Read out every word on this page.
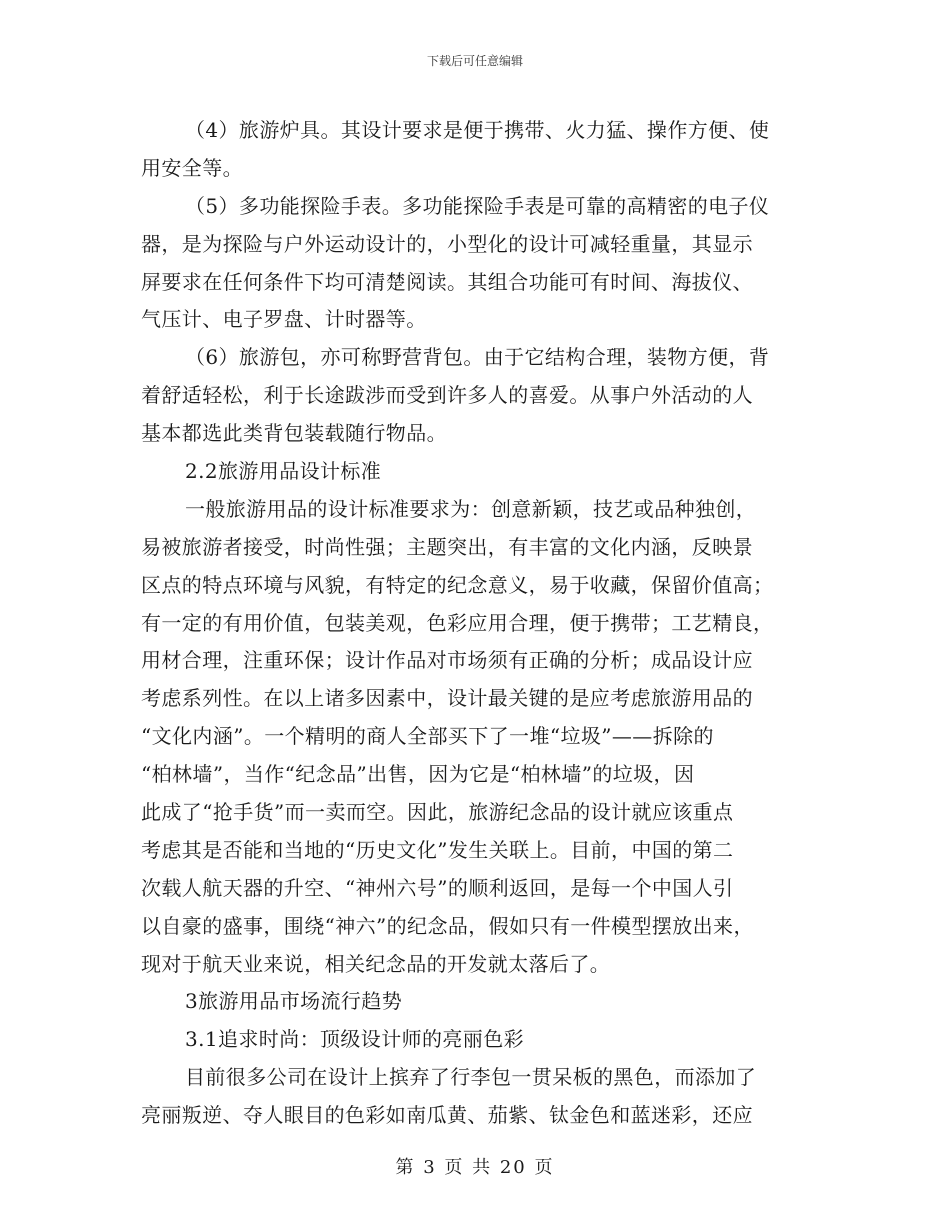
下载后可任意编辑
（4）旅游炉具。其设计要求是便于携带、火力猛、操作方便、使
用安全等。
（5）多功能探险手表。多功能探险手表是可靠的高精密的电子仪
器，是为探险与户外运动设计的，小型化的设计可减轻重量，其显示
屏要求在任何条件下均可清楚阅读。其组合功能可有时间、海拔仪、
气压计、电子罗盘、计时器等。
（6）旅游包，亦可称野营背包。由于它结构合理，装物方便，背
着舒适轻松，利于长途跋涉而受到许多人的喜爱。从事户外活动的人
基本都选此类背包装载随行物品。
2.2旅游用品设计标准
一般旅游用品的设计标准要求为：创意新颖，技艺或品种独创，
易被旅游者接受，时尚性强；主题突出，有丰富的文化内涵，反映景
区点的特点环境与风貌，有特定的纪念意义，易于收藏，保留价值高；
有一定的有用价值，包装美观，色彩应用合理，便于携带；工艺精良，
用材合理，注重环保；设计作品对市场须有正确的分析；成品设计应
考虑系列性。在以上诸多因素中，设计最关键的是应考虑旅游用品的
“文化内涵”。一个精明的商人全部买下了一堆“垃圾”——拆除的
“柏林墙”，当作“纪念品”出售，因为它是“柏林墙”的垃圾，因
此成了“抢手货”而一卖而空。因此，旅游纪念品的设计就应该重点
考虑其是否能和当地的“历史文化”发生关联上。目前，中国的第二
次载人航天器的升空、“神州六号”的顺利返回，是每一个中国人引
以自豪的盛事，围绕“神六”的纪念品，假如只有一件模型摆放出来，
现对于航天业来说，相关纪念品的开发就太落后了。
3旅游用品市场流行趋势
3.1追求时尚：顶级设计师的亮丽色彩
目前很多公司在设计上摈弃了行李包一贯呆板的黑色，而添加了
亮丽叛逆、夺人眼目的色彩如南瓜黄、茄紫、钛金色和蓝迷彩，还应
第 3 页 共 20 页
